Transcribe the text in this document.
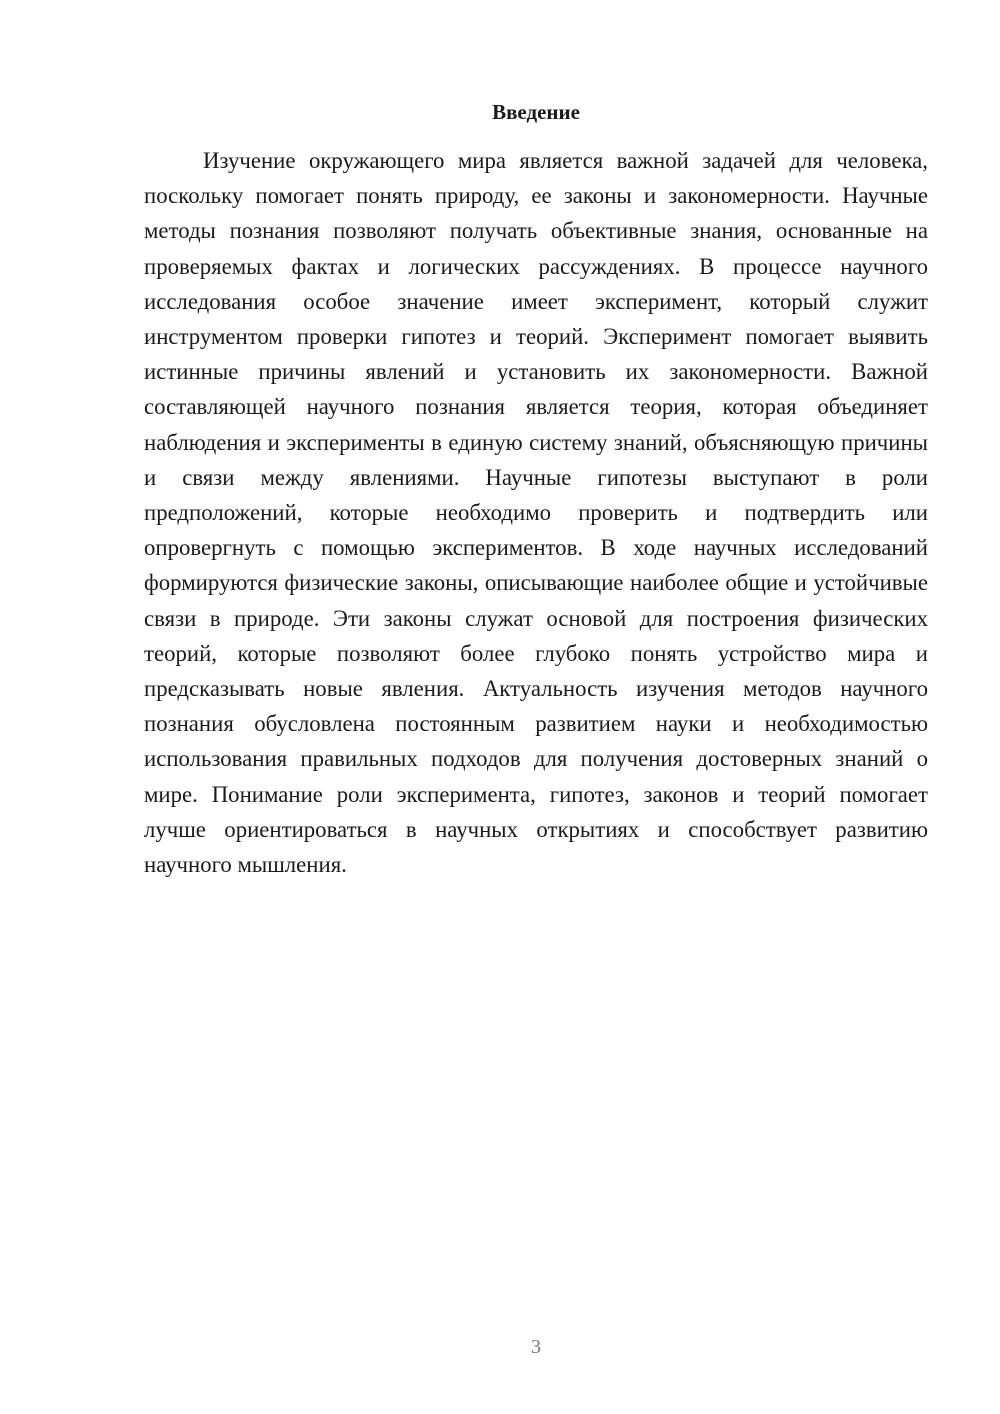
Введение

Изучение окружающего мира является важной задачей для человека, поскольку помогает понять природу, ее законы и закономерности. Научные методы познания позволяют получать объективные знания, основанные на проверяемых фактах и логических рассуждениях. В процессе научного исследования особое значение имеет эксперимент, который служит инструментом проверки гипотез и теорий. Эксперимент помогает выявить истинные причины явлений и установить их закономерности. Важной составляющей научного познания является теория, которая объединяет наблюдения и эксперименты в единую систему знаний, объясняющую причины и связи между явлениями. Научные гипотезы выступают в роли предположений, которые необходимо проверить и подтвердить или опровергнуть с помощью экспериментов. В ходе научных исследований формируются физические законы, описывающие наиболее общие и устойчивые связи в природе. Эти законы служат основой для построения физических теорий, которые позволяют более глубоко понять устройство мира и предсказывать новые явления. Актуальность изучения методов научного познания обусловлена постоянным развитием науки и необходимостью использования правильных подходов для получения достоверных знаний о мире. Понимание роли эксперимента, гипотез, законов и теорий помогает лучше ориентироваться в научных открытиях и способствует развитию научного мышления.

3
